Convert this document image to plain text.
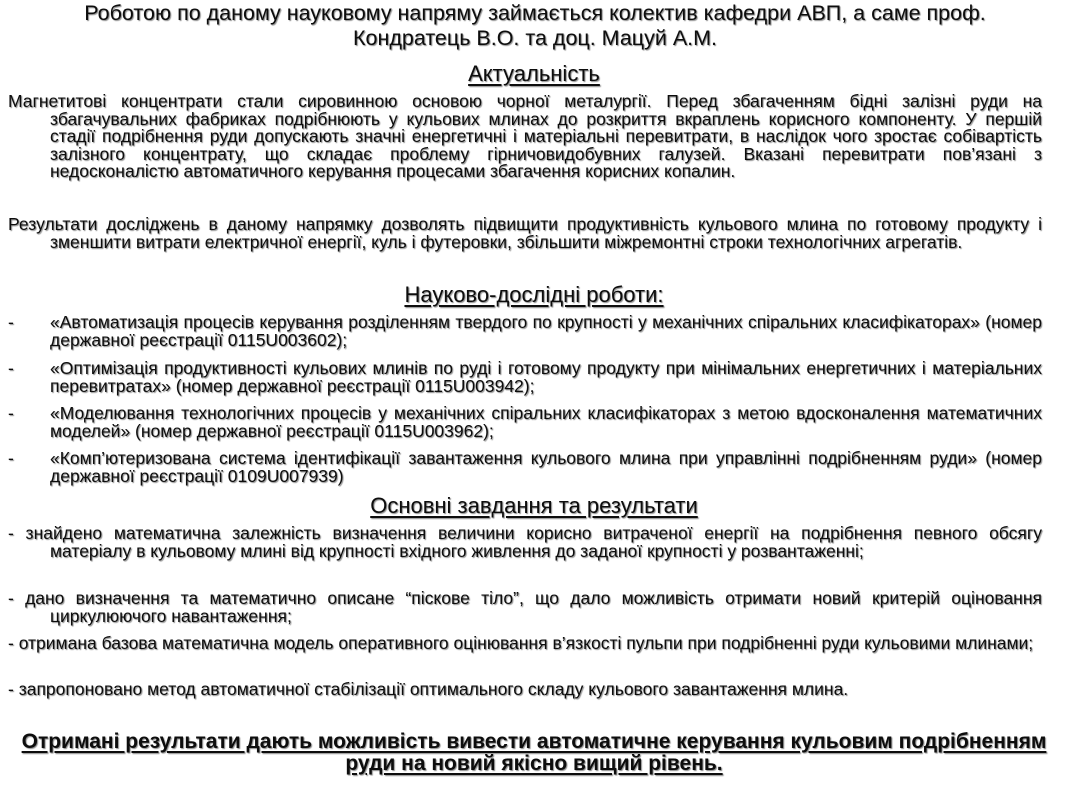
Роботою по даному науковому напряму займається колектив кафедри АВП, а саме проф. Кондратець В.О. та доц. Мацуй А.М.

Актуальність

Магнетитові концентрати стали сировинною основою чорної металургії. Перед збагаченням бідні залізні руди на збагачувальних фабриках подрібнюють у кульових млинах до розкриття вкраплень корисного компоненту. У першій стадії подрібнення руди допускають значні енергетичні і матеріальні перевитрати, в наслідок чого зростає собівартість залізного концентрату, що складає проблему гірничовидобувних галузей. Вказані перевитрати пов’язані з недосконалістю автоматичного керування процесами збагачення корисних копалин.

Результати досліджень в даному напрямку дозволять підвищити продуктивність кульового млина по готовому продукту і зменшити витрати електричної енергії, куль і футеровки, збільшити міжремонтні строки технологічних агрегатів.

Науково-дослідні роботи:
- «Автоматизація процесів керування розділенням твердого по крупності у механічних спіральних класифікаторах» (номер державної реєстрації 0115U003602);
- «Оптимізація продуктивності кульових млинів по руді і готовому продукту при мінімальних енергетичних і матеріальних перевитратах» (номер державної реєстрації 0115U003942);
- «Моделювання технологічних процесів у механічних спіральних класифікаторах з метою вдосконалення математичних моделей» (номер державної реєстрації 0115U003962);
- «Комп’ютеризована система ідентифікації завантаження кульового млина при управлінні подрібненням руди» (номер державної реєстрації 0109U007939)
Основні завдання та результати

- знайдено математична залежність визначення величини корисно витраченої енергії на подрібнення певного обсягу матеріалу в кульовому млині від крупності вхідного живлення до заданої крупності у розвантаженні;

- дано визначення та математично описане “піскове тіло”, що дало можливість отримати новий критерій оціновання циркулюючого навантаження;

- отримана базова математична модель оперативного оцінювання в’язкості пульпи при подрібненні руди кульовими млинами;

- запропоновано метод автоматичної стабілізації оптимального складу кульового завантаження млина.

Отримані результати дають можливість вивести автоматичне керування кульовим подрібненням руди на новий якісно вищий рівень.
